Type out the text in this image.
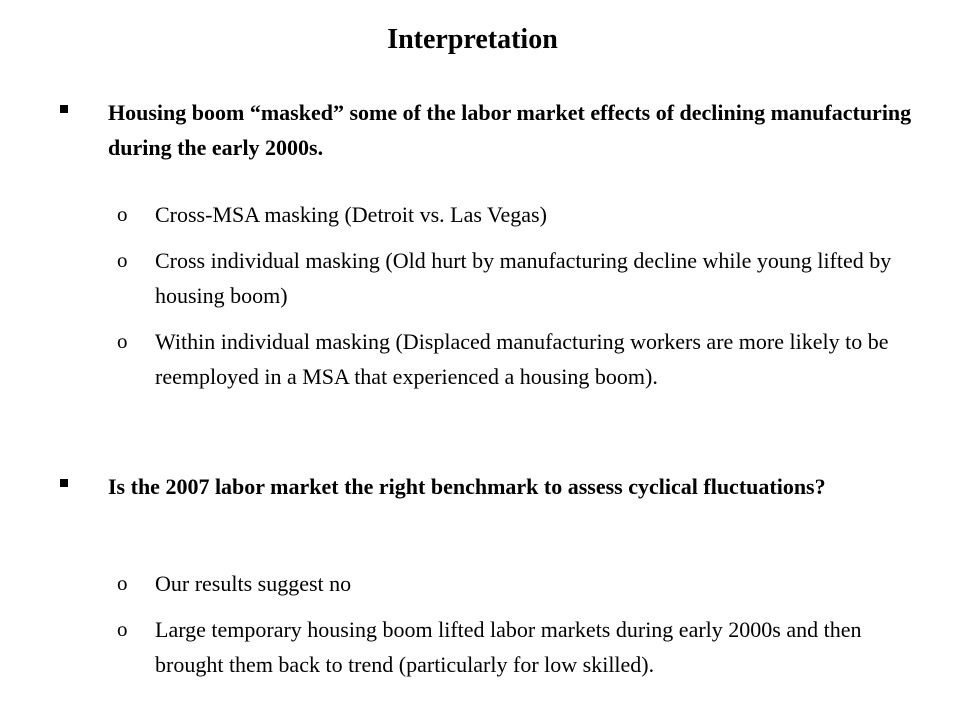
Interpretation
Housing boom “masked” some of the labor market effects of declining manufacturing during the early 2000s.
o Cross-MSA masking (Detroit vs. Las Vegas)
o Cross individual masking (Old hurt by manufacturing decline while young lifted by housing boom)
o Within individual masking (Displaced manufacturing workers are more likely to be reemployed in a MSA that experienced a housing boom).
Is the 2007 labor market the right benchmark to assess cyclical fluctuations?
o Our results suggest no
o Large temporary housing boom lifted labor markets during early 2000s and then brought them back to trend (particularly for low skilled).
